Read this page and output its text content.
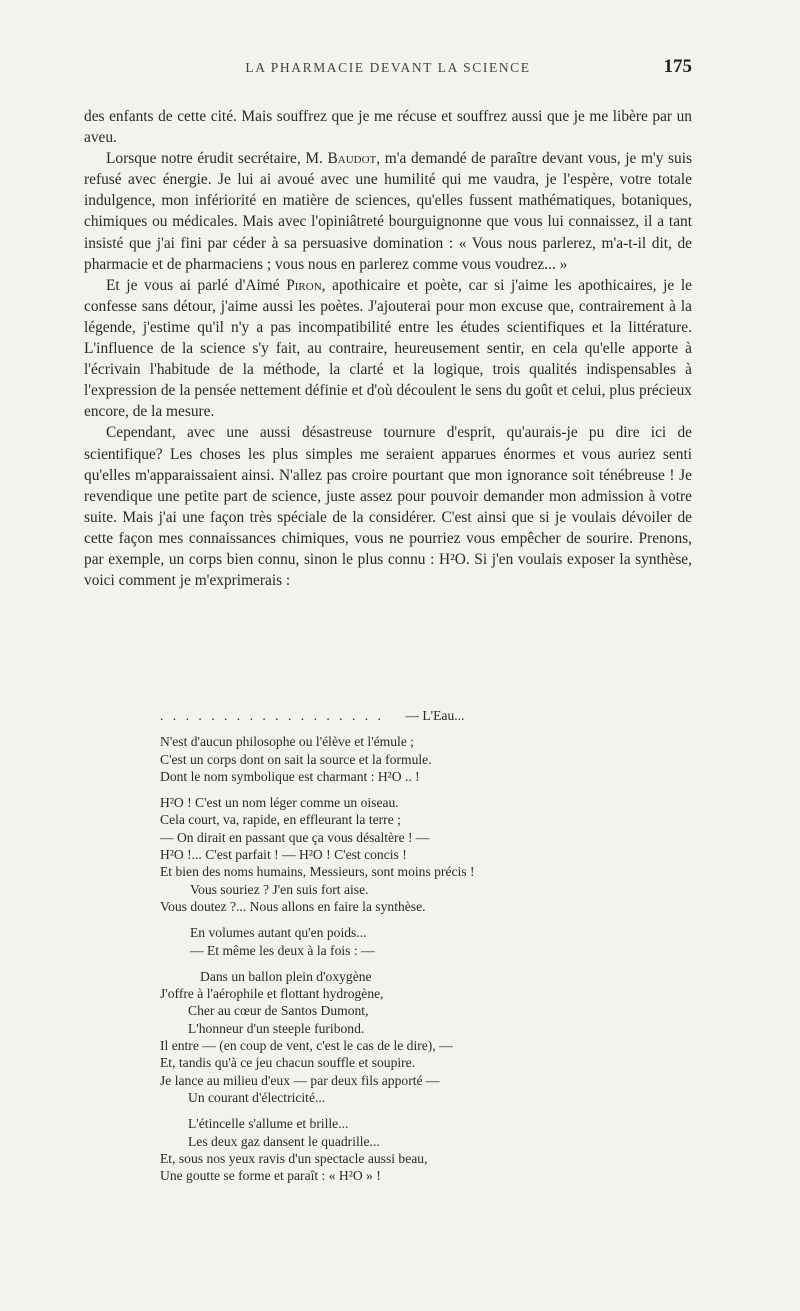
LA PHARMACIE DEVANT LA SCIENCE	175

des enfants de cette cité. Mais souffrez que je me récuse et souffrez aussi que je me libère par un aveu.

Lorsque notre érudit secrétaire, M. Baudot, m'a demandé de paraître devant vous, je m'y suis refusé avec énergie. Je lui ai avoué avec une humilité qui me vaudra, je l'espère, votre totale indulgence, mon infériorité en matière de sciences, qu'elles fussent mathématiques, botaniques, chimiques ou médicales. Mais avec l'opiniâtreté bourguignonne que vous lui connaissez, il a tant insisté que j'ai fini par céder à sa persuasive domination : « Vous nous parlerez, m'a-t-il dit, de pharmacie et de pharmaciens ; vous nous en parlerez comme vous voudrez... »

Et je vous ai parlé d'Aimé Piron, apothicaire et poète, car si j'aime les apothicaires, je le confesse sans détour, j'aime aussi les poètes. J'ajouterai pour mon excuse que, contrairement à la légende, j'estime qu'il n'y a pas incompatibilité entre les études scientifiques et la littérature. L'influence de la science s'y fait, au contraire, heureusement sentir, en cela qu'elle apporte à l'écrivain l'habitude de la méthode, la clarté et la logique, trois qualités indispensables à l'expression de la pensée nettement définie et d'où découlent le sens du goût et celui, plus précieux encore, de la mesure.

Cependant, avec une aussi désastreuse tournure d'esprit, qu'aurais-je pu dire ici de scientifique? Les choses les plus simples me seraient apparues énormes et vous auriez senti qu'elles m'apparaissaient ainsi. N'allez pas croire pourtant que mon ignorance soit ténébreuse ! Je revendique une petite part de science, juste assez pour pouvoir demander mon admission à votre suite. Mais j'ai une façon très spéciale de la considérer. C'est ainsi que si je voulais dévoiler de cette façon mes connaissances chimiques, vous ne pourriez vous empêcher de sourire. Prenons, par exemple, un corps bien connu, sinon le plus connu : H²O. Si j'en voulais exposer la synthèse, voici comment je m'exprimerais :

. . . . . . . . . . . . . . . . . . — L'Eau...
N'est d'aucun philosophe ou l'élève et l'émule ;
C'est un corps dont on sait la source et la formule.
Dont le nom symbolique est charmant : H²O .. !
H²O ! C'est un nom léger comme un oiseau.
Cela court, va, rapide, en effleurant la terre ;
— On dirait en passant que ça vous désaltère ! —
H²O !... C'est parfait ! — H²O ! C'est concis !
Et bien des noms humains, Messieurs, sont moins précis !
Vous souriez ? J'en suis fort aise.
Vous doutez ?... Nous allons en faire la synthèse.
En volumes autant qu'en poids...
— Et même les deux à la fois : —
Dans un ballon plein d'oxygène
J'offre à l'aérophile et flottant hydrogène,
Cher au cœur de Santos Dumont,
L'honneur d'un steeple furibond.
Il entre — (en coup de vent, c'est le cas de le dire), —
Et, tandis qu'à ce jeu chacun souffle et soupire.
Je lance au milieu d'eux — par deux fils apporté —
Un courant d'électricité...
L'étincelle s'allume et brille...
Les deux gaz dansent le quadrille...
Et, sous nos yeux ravis d'un spectacle aussi beau,
Une goutte se forme et paraît : « H²O » !
